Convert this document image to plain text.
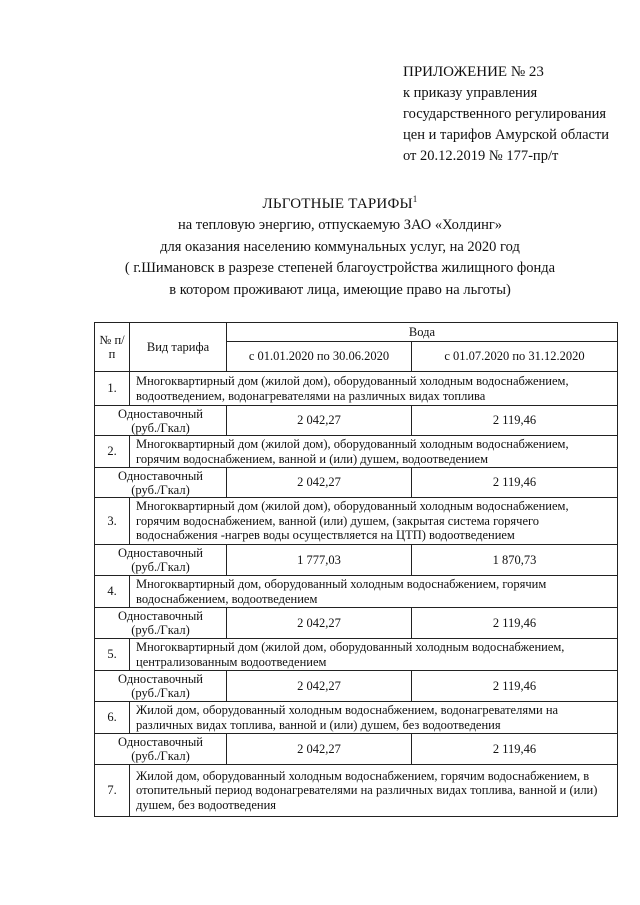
ПРИЛОЖЕНИЕ № 23
к приказу управления
государственного регулирования
цен и тарифов Амурской области
от 20.12.2019 № 177-пр/т
ЛЬГОТНЫЕ ТАРИФЫ$^1$
на тепловую энергию, отпускаемую ЗАО «Холдинг»
для оказания населению коммунальных услуг, на 2020 год
( г.Шимановск в разрезе степеней благоустройства жилищного фонда
в котором проживают лица, имеющие право на льготы)
№ п/п	Вид тарифа	Вода	
		с 01.01.2020 по 30.06.2020	с 01.07.2020 по 31.12.2020
1.	Многоквартирный дом (жилой дом), оборудованный холодным водоснабжением, водоотведением, водонагревателями на различных видах топлива		

Одноставочный
(руб./Гкал)		2 042,27	2 119,46
2.	Многоквартирный дом (жилой дом), оборудованный холодным водоснабжением, горячим водоснабжением, ванной и (или) душем, водоотведением		

Одноставочный
(руб./Гкал)		2 042,27	2 119,46
3.	Многоквартирный дом (жилой дом), оборудованный холодным водоснабжением, горячим водоснабжением, ванной (или) душем, (закрытая система горячего водоснабжения -нагрев воды осуществляется на ЦТП) водоотведением		

Одноставочный
(руб./Гкал)		1 777,03	1 870,73
4.	Многоквартирный дом, оборудованный холодным водоснабжением, горячим водоснабжением, водоотведением		

Одноставочный
(руб./Гкал)		2 042,27	2 119,46
5.	Многоквартирный дом (жилой дом, оборудованный холодным водоснабжением, централизованным водоотведением		

Одноставочный
(руб./Гкал)		2 042,27	2 119,46
6.	Жилой дом, оборудованный холодным водоснабжением, водонагревателями на различных видах топлива, ванной и (или) душем, без водоотведения		

Одноставочный
(руб./Гкал)		2 042,27	2 119,46
7.	Жилой дом, оборудованный холодным водоснабжением, горячим водоснабжением, в отопительный период водонагревателями на различных видах топлива, ванной и (или) душем, без водоотведения		
